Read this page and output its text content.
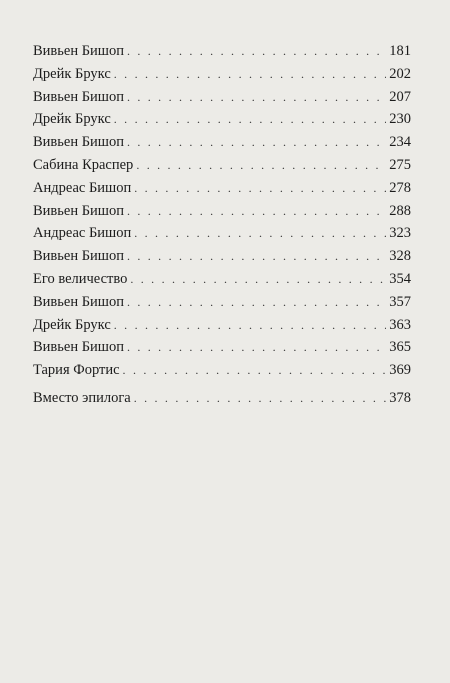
Вивьен Бишоп . . .	181
Дрейк Брукс . . .	202
Вивьен Бишоп . . .	207
Дрейк Брукс . . .	230
Вивьен Бишоп . . .	234
Сабина Краспер . . .	275
Андреас Бишоп . . .	278
Вивьен Бишоп . . .	288
Андреас Бишоп . . .	323
Вивьен Бишоп . . .	328
Его величество . . .	354
Вивьен Бишоп . . .	357
Дрейк Брукс . . .	363
Вивьен Бишоп . . .	365
Тария Фортис . . .	369
Вместо эпилога . . .	378
